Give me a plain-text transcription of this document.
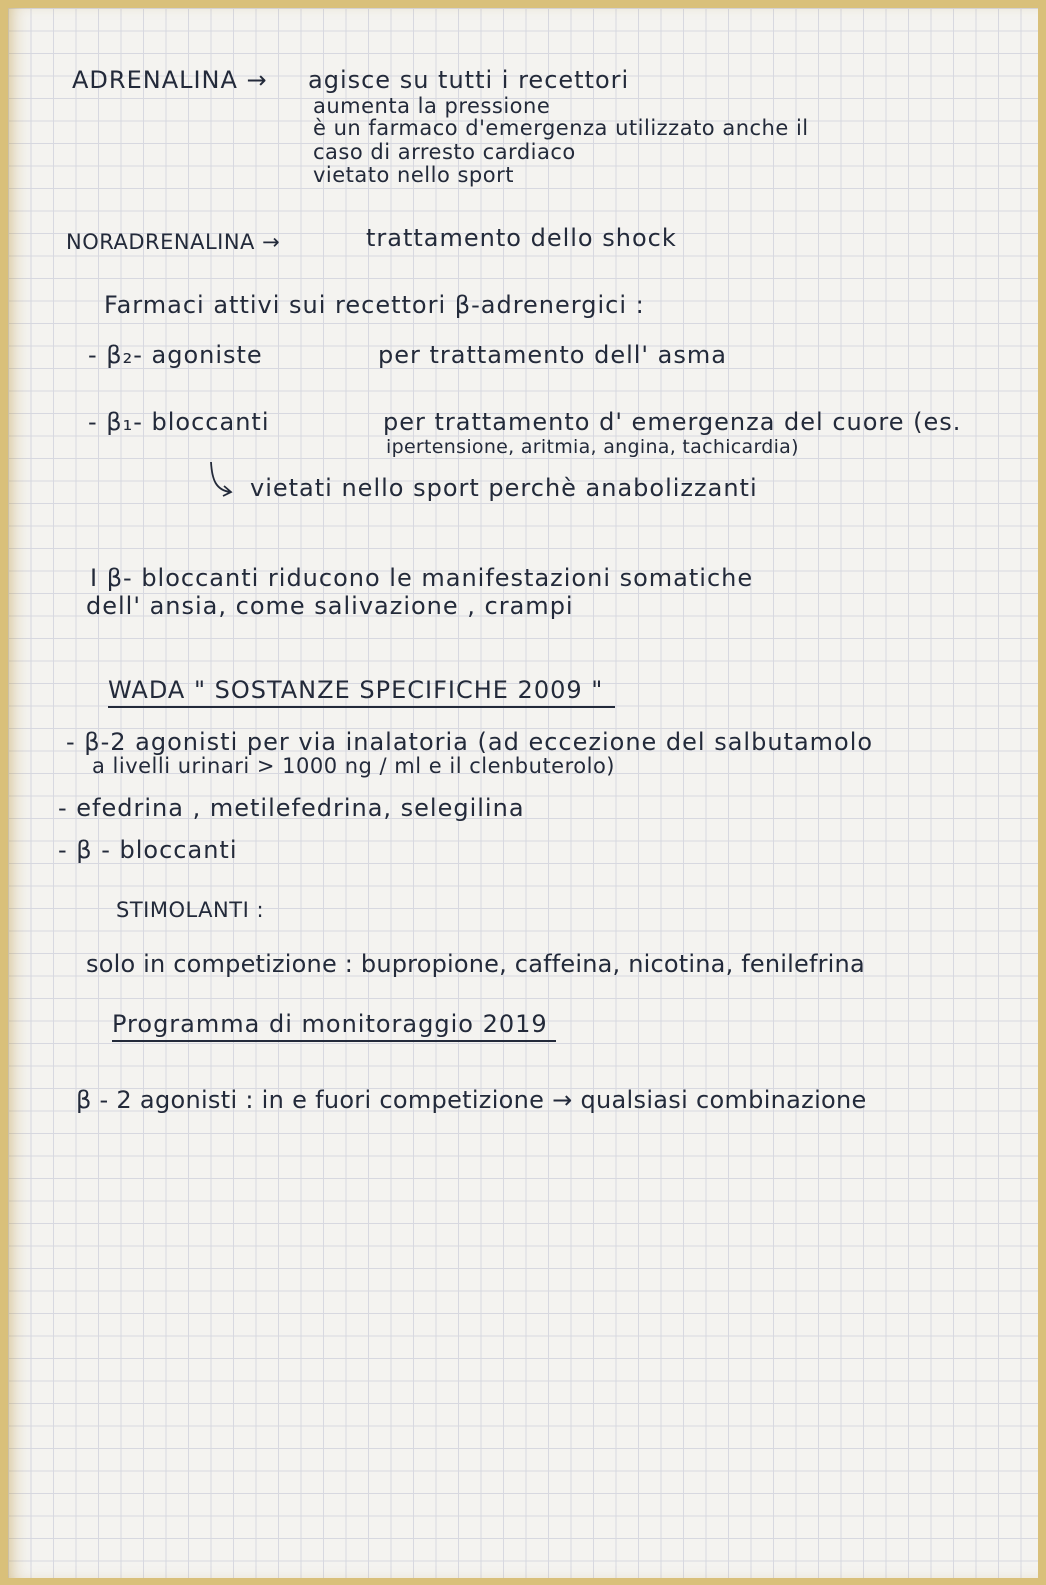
ADRENALINA → agisce su tutti i recettori
aumenta la pressione
è un farmaco d'emergenza utilizzato anche il
caso di arresto cardiaco
vietato nello sport
NORADRENALINA →	trattamento dello shock
Farmaci attivi sui recettori β-adrenergici :
- β₂- agoniste	per trattamento dell' asma
- β₁- bloccanti	per trattamento d' emergenza del cuore (es.
ipertensione, aritmia, angina, tachicardia)
vietati nello sport perchè anabolizzanti
I β- bloccanti riducono le manifestazioni somatiche
dell' ansia, come salivazione , crampi
WADA " SOSTANZE SPECIFICHE 2009 "
- β-2 agonisti per via inalatoria (ad eccezione del salbutamolo
a livelli urinari > 1000 ng / ml e il clenbuterolo)
- efedrina , metilefedrina, selegilina
- β - bloccanti
STIMOLANTI :
solo in competizione : bupropione, caffeina, nicotina, fenilefrina
Programma di monitoraggio 2019
β - 2 agonisti : in e fuori competizione → qualsiasi combinazione
